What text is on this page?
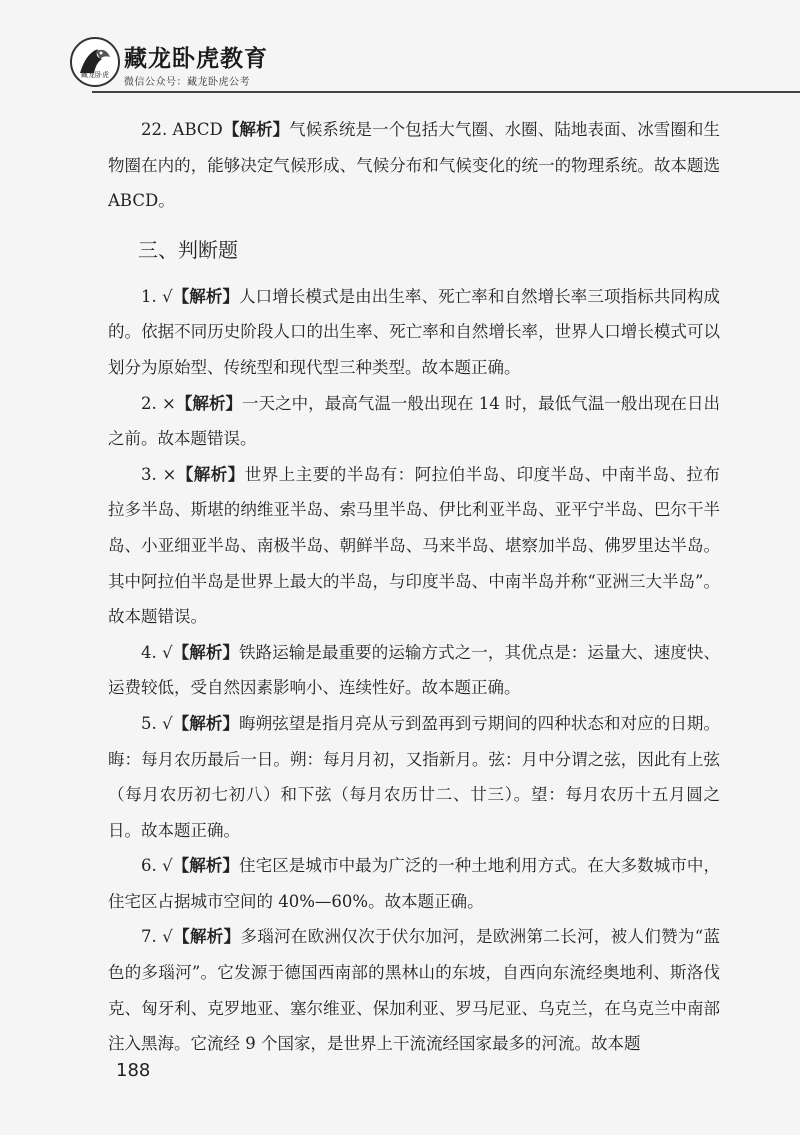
藏龙卧虎
藏龙卧虎教育
微信公众号：藏龙卧虎公考

22. ABCD【解析】气候系统是一个包括大气圈、水圈、陆地表面、冰雪圈和生物圈在内的，能够决定气候形成、气候分布和气候变化的统一的物理系统。故本题选 ABCD。

三、判断题

1. √【解析】人口增长模式是由出生率、死亡率和自然增长率三项指标共同构成的。依据不同历史阶段人口的出生率、死亡率和自然增长率，世界人口增长模式可以划分为原始型、传统型和现代型三种类型。故本题正确。

2. ×【解析】一天之中，最高气温一般出现在 14 时，最低气温一般出现在日出之前。故本题错误。

3. ×【解析】世界上主要的半岛有：阿拉伯半岛、印度半岛、中南半岛、拉布拉多半岛、斯堪的纳维亚半岛、索马里半岛、伊比利亚半岛、亚平宁半岛、巴尔干半岛、小亚细亚半岛、南极半岛、朝鲜半岛、马来半岛、堪察加半岛、佛罗里达半岛。其中阿拉伯半岛是世界上最大的半岛，与印度半岛、中南半岛并称“亚洲三大半岛”。故本题错误。

4. √【解析】铁路运输是最重要的运输方式之一，其优点是：运量大、速度快、运费较低，受自然因素影响小、连续性好。故本题正确。

5. √【解析】晦朔弦望是指月亮从亏到盈再到亏期间的四种状态和对应的日期。晦：每月农历最后一日。朔：每月月初，又指新月。弦：月中分谓之弦，因此有上弦（每月农历初七初八）和下弦（每月农历廿二、廿三）。望：每月农历十五月圆之日。故本题正确。

6. √【解析】住宅区是城市中最为广泛的一种土地利用方式。在大多数城市中，住宅区占据城市空间的 40%—60%。故本题正确。

7. √【解析】多瑙河在欧洲仅次于伏尔加河，是欧洲第二长河，被人们赞为“蓝色的多瑙河”。它发源于德国西南部的黑林山的东坡，自西向东流经奥地利、斯洛伐克、匈牙利、克罗地亚、塞尔维亚、保加利亚、罗马尼亚、乌克兰，在乌克兰中南部注入黑海。它流经 9 个国家，是世界上干流流经国家最多的河流。故本题

188
